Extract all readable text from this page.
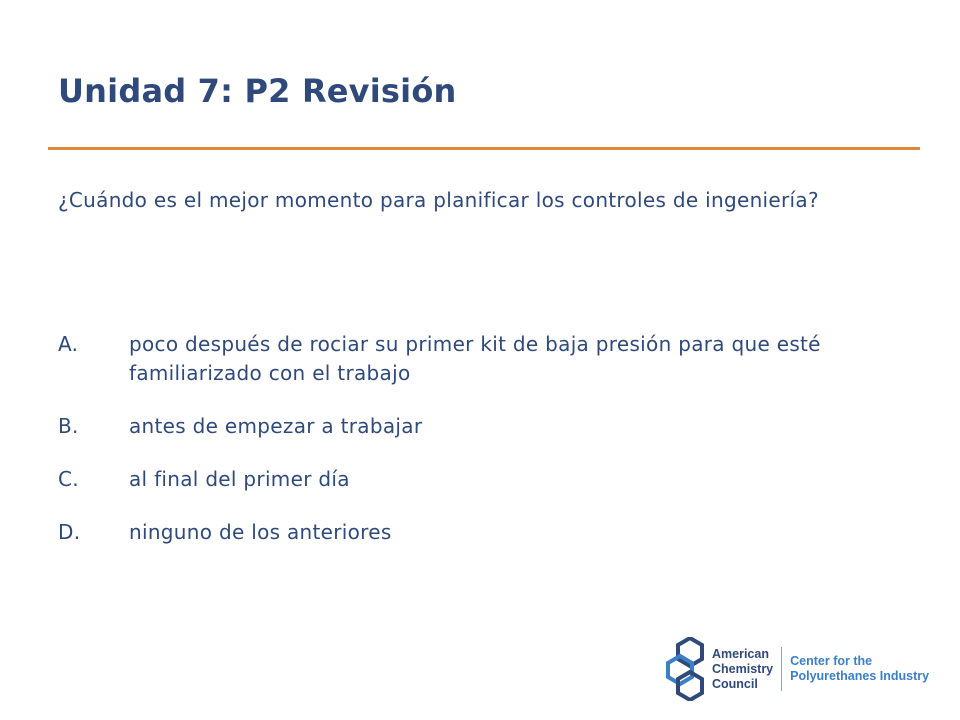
Unidad 7: P2 Revisión
¿Cuándo es el mejor momento para planificar los controles de ingeniería?
A.	poco después de rociar su primer kit de baja presión para que esté familiarizado con el trabajo
B.	antes de empezar a trabajar
C.	al final del primer día
D.	ninguno de los anteriores
American
Chemistry
Council
Center for the
Polyurethanes Industry
